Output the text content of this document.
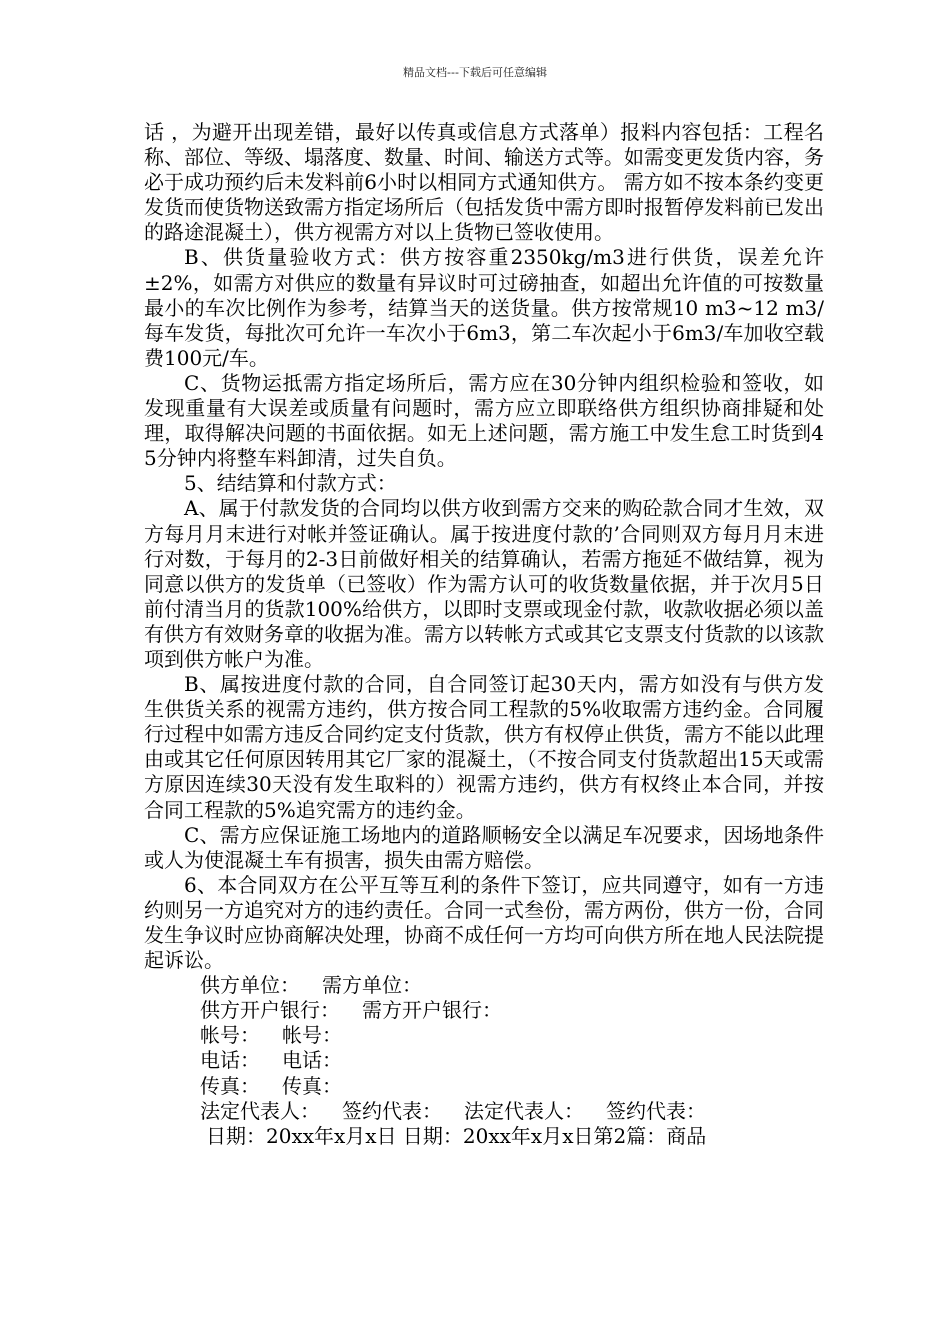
精品文档---下载后可任意编辑

话 ，为避开出现差错，最好以传真或信息方式落单）报料内容包括：工程名称、部位、等级、塌落度、数量、时间、输送方式等。如需变更发货内容，务必于成功预约后未发料前6小时以相同方式通知供方。 需方如不按本条约变更发货而使货物送致需方指定场所后（包括发货中需方即时报暂停发料前已发出的路途混凝土），供方视需方对以上货物已签收使用。

B、供货量验收方式：供方按容重2350kg/m3进行供货，误差允许±2%，如需方对供应的数量有异议时可过磅抽查，如超出允许值的可按数量最小的车次比例作为参考，结算当天的送货量。供方按常规10 m3~12 m3/每车发货，每批次可允许一车次小于6m3，第二车次起小于6m3/车加收空载费100元/车。

C、货物运抵需方指定场所后，需方应在30分钟内组织检验和签收，如发现重量有大误差或质量有问题时，需方应立即联络供方组织协商排疑和处理，取得解决问题的书面依据。如无上述问题，需方施工中发生怠工时货到45分钟内将整车料卸清，过失自负。

5、结结算和付款方式：

A、属于付款发货的合同均以供方收到需方交来的购砼款合同才生效，双方每月月末进行对帐并签证确认。属于按进度付款的’合同则双方每月月末进行对数，于每月的2-3日前做好相关的结算确认，若需方拖延不做结算，视为同意以供方的发货单（已签收）作为需方认可的收货数量依据，并于次月5日前付清当月的货款100%给供方，以即时支票或现金付款，收款收据必须以盖有供方有效财务章的收据为准。需方以转帐方式或其它支票支付货款的以该款项到供方帐户为准。

B、属按进度付款的合同，自合同签订起30天内，需方如没有与供方发生供货关系的视需方违约，供方按合同工程款的5%收取需方违约金。合同履行过程中如需方违反合同约定支付货款，供方有权停止供货，需方不能以此理由或其它任何原因转用其它厂家的混凝土，（不按合同支付货款超出15天或需方原因连续30天没有发生取料的）视需方违约，供方有权终止本合同，并按合同工程款的5%追究需方的违约金。

C、需方应保证施工场地内的道路顺畅安全以满足车况要求，因场地条件或人为使混凝土车有损害，损失由需方赔偿。

6、本合同双方在公平互等互利的条件下签订，应共同遵守，如有一方违约则另一方追究对方的违约责任。合同一式叁份，需方两份，供方一份，合同发生争议时应协商解决处理，协商不成任何一方均可向供方所在地人民法院提起诉讼。

供方单位： 需方单位：

供方开户银行： 需方开户银行：

帐号： 帐号：

电话： 电话：

传真： 传真：

法定代表人： 签约代表： 法定代表人： 签约代表：

日期：20xx年x月x日 日期：20xx年x月x日第2篇：商品
